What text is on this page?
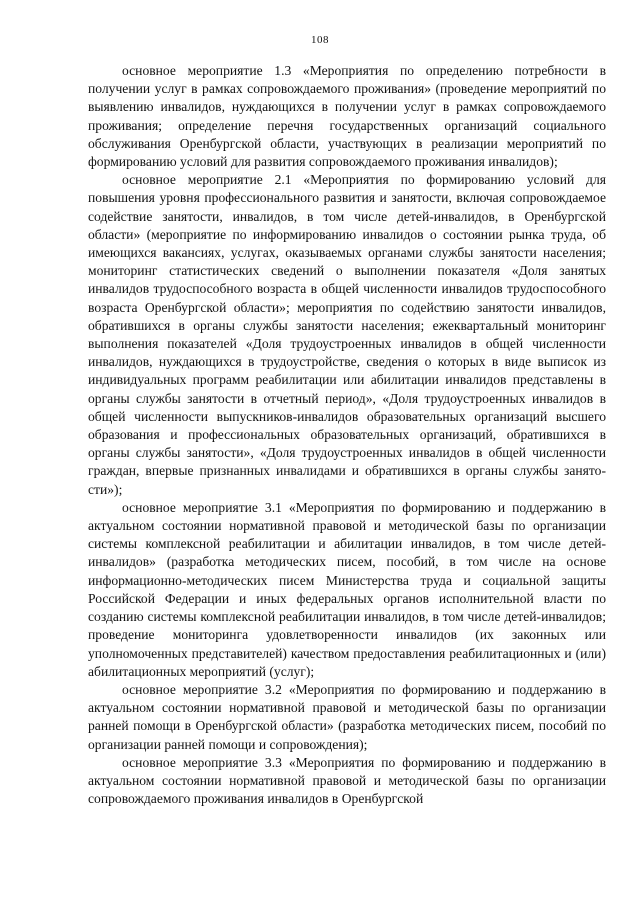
108

основное мероприятие 1.3 «Мероприятия по определению потребности в получении услуг в рамках сопровождаемого проживания» (проведение мероприятий по выявлению инвалидов, нуждающихся в получении услуг в рамках сопровождаемого проживания; определение перечня государственных организаций социального обслуживания Оренбургской области, участвующих в реализации мероприятий по формированию условий для развития сопровождаемого проживания инвалидов);

основное мероприятие 2.1 «Мероприятия по формированию условий для повышения уровня профессионального развития и занятости, включая сопровождаемое содействие занятости, инвалидов, в том числе детей-инвалидов, в Оренбургской области» (мероприятие по информированию инвалидов о состоянии рынка труда, об имеющихся вакансиях, услугах, оказываемых органами службы занятости населения; мониторинг статистических сведений о выполнении показателя «Доля занятых инвалидов трудоспособного возраста в общей численности инвалидов трудоспособного возраста Оренбургской области»; мероприятия по содействию занятости инвалидов, обратившихся в органы службы занятости населения; ежеквартальный мониторинг выполнения показателей «Доля трудоустроенных инвалидов в общей численности инвалидов, нуждающихся в трудоустройстве, сведения о которых в виде выписок из индивидуальных программ реабилитации или абилитации инвалидов представлены в органы службы занятости в отчетный период», «Доля трудоустроенных инвалидов в общей численности выпускников-инвалидов образовательных организаций высшего образования и профессиональных образовательных организаций, обратившихся в органы службы занятости», «Доля трудоустроенных инвалидов в общей численности граждан, впервые признанных инвалидами и обратившихся в органы службы занятости»);

основное мероприятие 3.1 «Мероприятия по формированию и поддержанию в актуальном состоянии нормативной правовой и методической базы по организации системы комплексной реабилитации и абилитации инвалидов, в том числе детей-инвалидов» (разработка методических писем, пособий, в том числе на основе информационно-методических писем Министерства труда и социальной защиты Российской Федерации и иных федеральных органов исполнительной власти по созданию системы комплексной реабилитации инвалидов, в том числе детей-инвалидов; проведение мониторинга удовлетворенности инвалидов (их законных или уполномоченных представителей) качеством предоставления реабилитационных и (или) абилитационных мероприятий (услуг);

основное мероприятие 3.2 «Мероприятия по формированию и поддержанию в актуальном состоянии нормативной правовой и методической базы по организации ранней помощи в Оренбургской области» (разработка методических писем, пособий по организации ранней помощи и сопровождения);

основное мероприятие 3.3 «Мероприятия по формированию и поддержанию в актуальном состоянии нормативной правовой и методической базы по организации сопровождаемого проживания инвалидов в Оренбургской
